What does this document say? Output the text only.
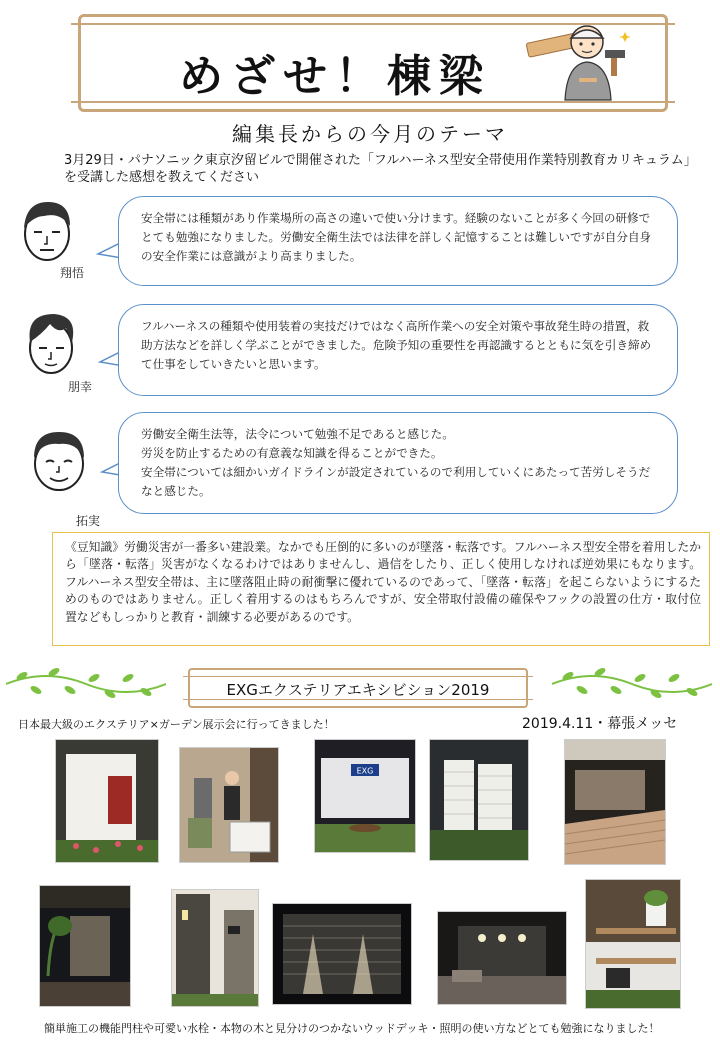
めざせ！棟梁
編集長からの今月のテーマ
3月29日・パナソニック東京汐留ビルで開催された「フルハーネス型安全帯使用作業特別教育カリキュラム」を受講した感想を教えてください
翔悟
安全帯には種類があり作業場所の高さの違いで使い分けます。経験のないことが多く今回の研修でとても勉強になりました。労働安全衛生法では法律を詳しく記憶することは難しいですが自分自身の安全作業には意識がより高まりました。
朋幸
フルハーネスの種類や使用装着の実技だけではなく高所作業への安全対策や事故発生時の措置，救助方法などを詳しく学ぶことができました。危険予知の重要性を再認識するとともに気を引き締めて仕事をしていきたいと思います。
拓実
労働安全衛生法等，法令について勉強不足であると感じた。
労災を防止するための有意義な知識を得ることができた。
安全帯については細かいガイドラインが設定されているので利用していくにあたって苦労しそうだなと感じた。
《豆知識》労働災害が一番多い建設業。なかでも圧倒的に多いのが墜落・転落です。フルハーネス型安全帯を着用したから「墜落・転落」災害がなくなるわけではありませんし、過信をしたり、正しく使用しなければ逆効果にもなります。フルハーネス型安全帯は、主に墜落阻止時の耐衝撃に優れているのであって、「墜落・転落」を起こらないようにするためのものではありません。正しく着用するのはもちろんですが、安全帯取付設備の確保やフックの設置の仕方・取付位置などもしっかりと教育・訓練する必要があるのです。
EXGエクステリアエキシビション2019
日本最大級のエクステリア×ガーデン展示会に行ってきました！	2019.4.11・幕張メッセ
EXG
簡単施工の機能門柱や可愛い水栓・本物の木と見分けのつかないウッドデッキ・照明の使い方などとても勉強になりました！
